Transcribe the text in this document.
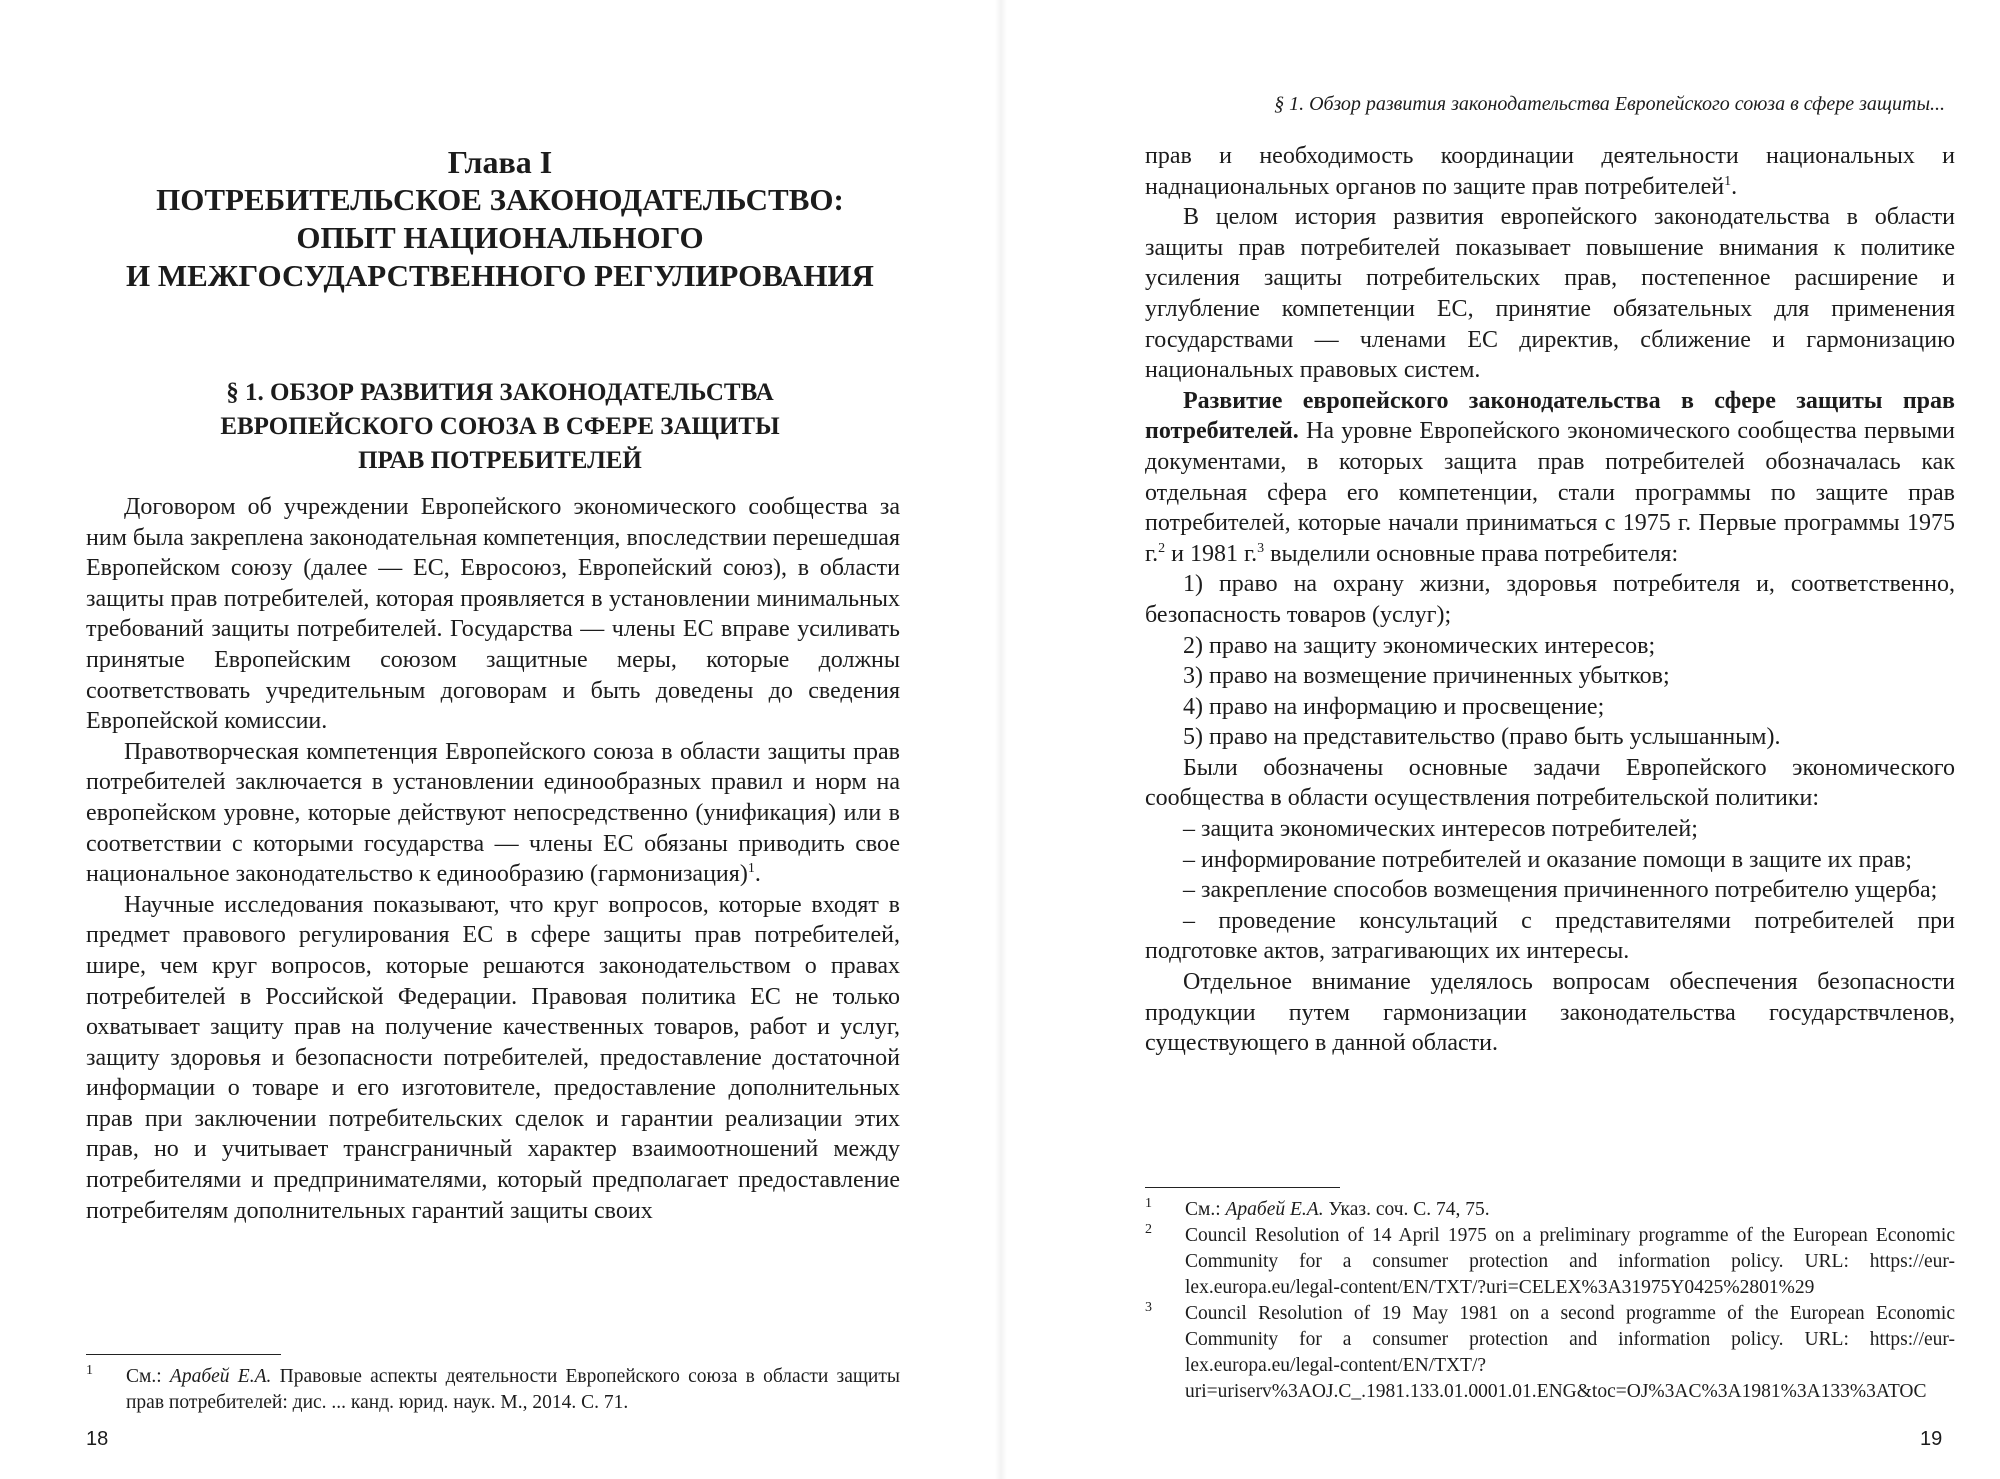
Глава I
ПОТРЕБИТЕЛЬСКОЕ ЗАКОНОДАТЕЛЬСТВО:
ОПЫТ НАЦИОНАЛЬНОГО
И МЕЖГОСУДАРСТВЕННОГО РЕГУЛИРОВАНИЯ
§ 1. ОБЗОР РАЗВИТИЯ ЗАКОНОДАТЕЛЬСТВА
ЕВРОПЕЙСКОГО СОЮЗА В СФЕРЕ ЗАЩИТЫ
ПРАВ ПОТРЕБИТЕЛЕЙ

Договором об учреждении Европейского экономического сообщества за ним была закреплена законодательная компетенция, впоследствии перешедшая Европейском союзу (далее — ЕС, Евросоюз, Европейский союз), в области защиты прав потребителей, которая проявляется в установлении минимальных требований защиты потребителей. Государства — члены ЕС вправе усиливать принятые Европейским союзом защитные меры, которые должны соответствовать учредительным договорам и быть доведены до сведения Европейской комиссии.

Правотворческая компетенция Европейского союза в области защиты прав потребителей заключается в установлении единообразных правил и норм на европейском уровне, которые действуют непосредственно (унификация) или в соответствии с которыми государства — члены ЕС обязаны приводить свое национальное законодательство к единообразию (гармонизация)$^1$.

Научные исследования показывают, что круг вопросов, которые входят в предмет правового регулирования ЕС в сфере защиты прав потребителей, шире, чем круг вопросов, которые решаются законодательством о правах потребителей в Российской Федерации. Правовая политика ЕС не только охватывает защиту прав на получение качественных товаров, работ и услуг, защиту здоровья и безопасности потребителей, предоставление достаточной информации о товаре и его изготовителе, предоставление дополнительных прав при заключении потребительских сделок и гарантии реализации этих прав, но и учитывает трансграничный характер взаимоотношений между потребителями и предпринимателями, который предполагает предоставление потребителям дополнительных гарантий защиты своих

1 См.: Арабей Е.А. Правовые аспекты деятельности Европейского союза в области защиты прав потребителей: дис. ... канд. юрид. наук. М., 2014. С. 71.
18
§ 1. Обзор развития законодательства Европейского союза в сфере защиты...

прав и необходимость координации деятельности национальных и наднациональных органов по защите прав потребителей$^1$.

В целом история развития европейского законодательства в области защиты прав потребителей показывает повышение внимания к политике усиления защиты потребительских прав, постепенное расширение и углубление компетенции ЕС, принятие обязательных для применения государствами — членами ЕС директив, сближение и гармонизацию национальных правовых систем.

Развитие европейского законодательства в сфере защиты прав потребителей. На уровне Европейского экономического сообщества первыми документами, в которых защита прав потребителей обозначалась как отдельная сфера его компетенции, стали программы по защите прав потребителей, которые начали приниматься с 1975 г. Первые программы 1975 г.$^2$ и 1981 г.$^3$ выделили основные права потребителя:

1) право на охрану жизни, здоровья потребителя и, соответственно, безопасность товаров (услуг);

2) право на защиту экономических интересов;

3) право на возмещение причиненных убытков;

4) право на информацию и просвещение;

5) право на представительство (право быть услышанным).

Были обозначены основные задачи Европейского экономического сообщества в области осуществления потребительской политики:

– защита экономических интересов потребителей;

– информирование потребителей и оказание помощи в защите их прав;

– закрепление способов возмещения причиненного потребителю ущерба;

– проведение консультаций с представителями потребителей при подготовке актов, затрагивающих их интересы.

Отдельное внимание уделялось вопросам обеспечения безопасности продукции путем гармонизации законодательства государствчленов, существующего в данной области.

1 См.: Арабей Е.А. Указ. соч. С. 74, 75.
2 Council Resolution of 14 April 1975 on a preliminary programme of the European Economic Community for a consumer protection and information policy. URL: https://eur-lex.europa.eu/legal-content/EN/TXT/?uri=CELEX%3A31975Y0425%2801%29
3 Council Resolution of 19 May 1981 on a second programme of the European Economic Community for a consumer protection and information policy. URL: https://eur-lex.europa.eu/legal-content/EN/TXT/?uri=uriserv%3AOJ.C_.1981.133.01.0001.01.ENG&toc=OJ%3AC%3A1981%3A133%3ATOC
19
